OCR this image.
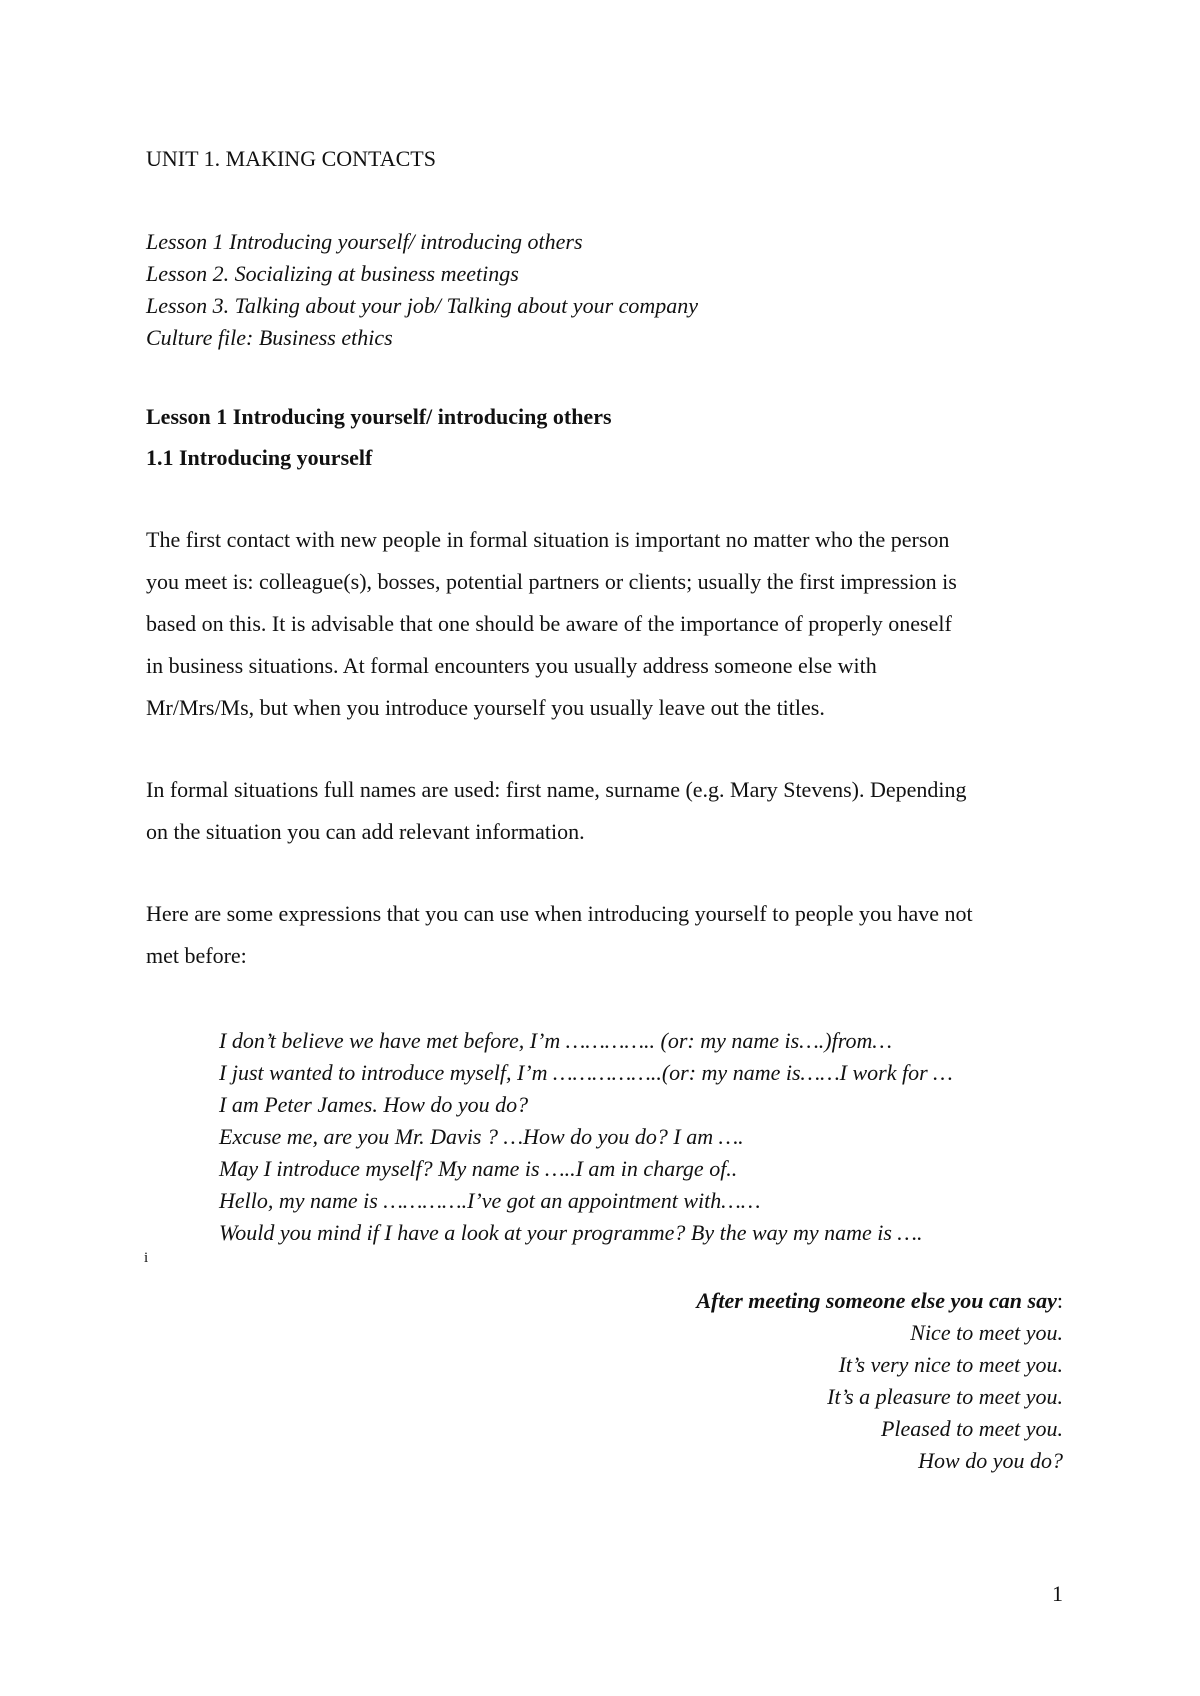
UNIT 1. MAKING CONTACTS
Lesson 1 Introducing yourself/ introducing others
Lesson 2. Socializing at business meetings
Lesson 3. Talking about your job/ Talking about your company
Culture file: Business ethics
Lesson 1 Introducing yourself/ introducing others
1.1 Introducing yourself
The first contact with new people in formal situation is important no matter who the person
you meet is: colleague(s), bosses, potential partners or clients; usually the first impression is
based on this. It is advisable that one should be aware of the importance of properly oneself
in business situations. At formal encounters you usually address someone else with
Mr/Mrs/Ms, but when you introduce yourself you usually leave out the titles.
In formal situations full names are used: first name, surname (e.g. Mary Stevens). Depending
on the situation you can add relevant information.
Here are some expressions that you can use when introducing yourself to people you have not
met before:
I don’t believe we have met before, I’m ………….. (or: my name is….)from…
I just wanted to introduce myself, I’m ……………..(or: my name is……I work for …
I am Peter James. How do you do?
Excuse me, are you Mr. Davis ? …How do you do? I am ….
May I introduce myself? My name is …..I am in charge of..
Hello, my name is ………….I’ve got an appointment with……
Would you mind if I have a look at your programme? By the way my name is ….
i
After meeting someone else you can say:
Nice to meet you.
It’s very nice to meet you.
It’s a pleasure to meet you.
Pleased to meet you.
How do you do?
1
